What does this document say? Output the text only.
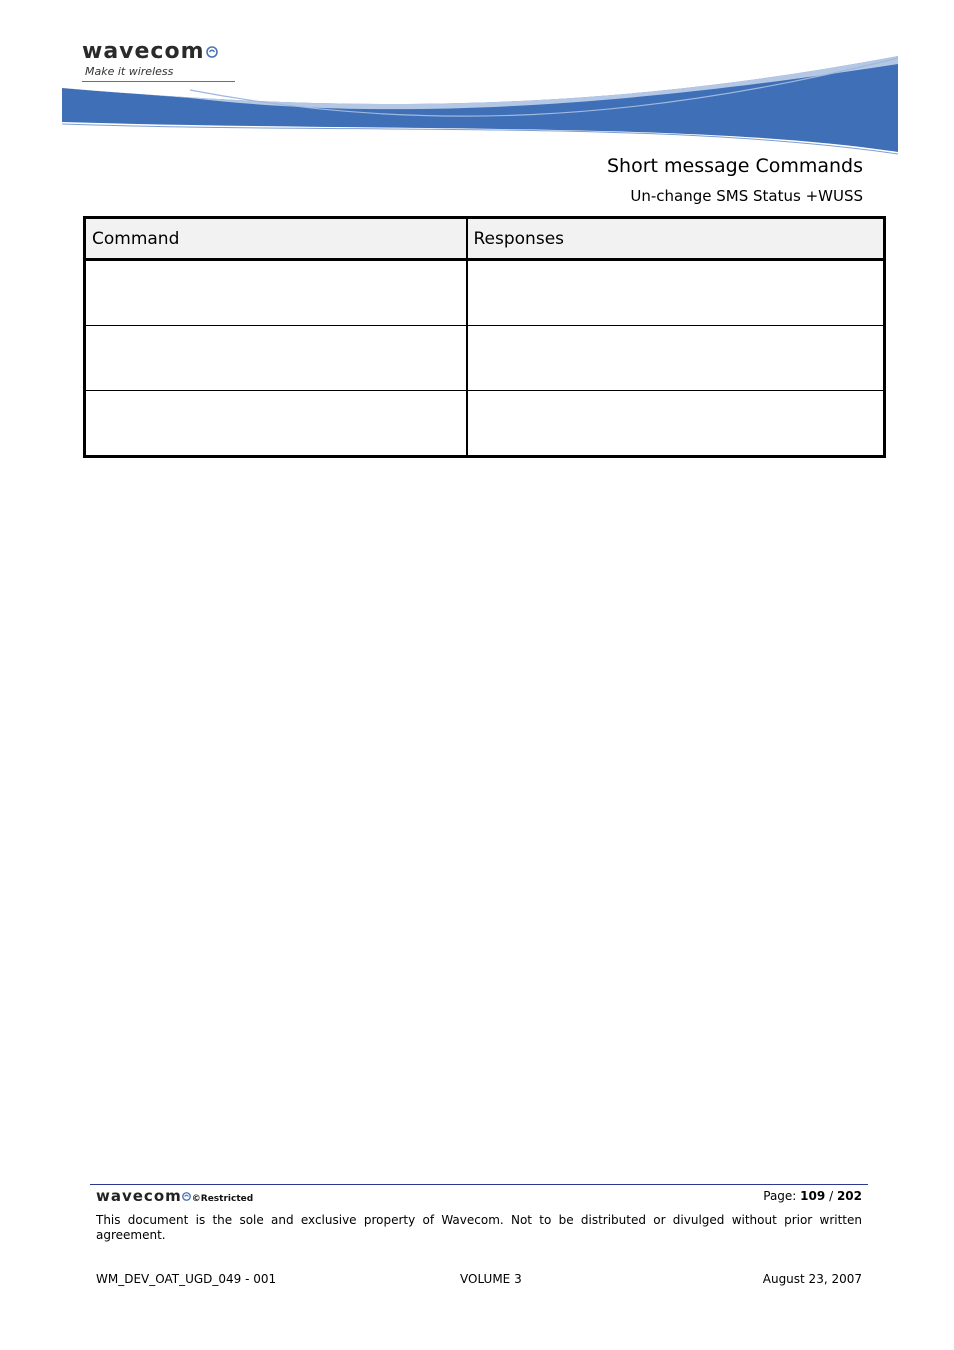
wavecom
Make it wireless
Short message Commands
Un-change SMS Status +WUSS
Command	Responses

wavecom ©Restricted	Page: 109 / 202
This document is the sole and exclusive property of Wavecom. Not to be distributed or divulged without prior written agreement.
WM_DEV_OAT_UGD_049 - 001	VOLUME 3	August 23, 2007
